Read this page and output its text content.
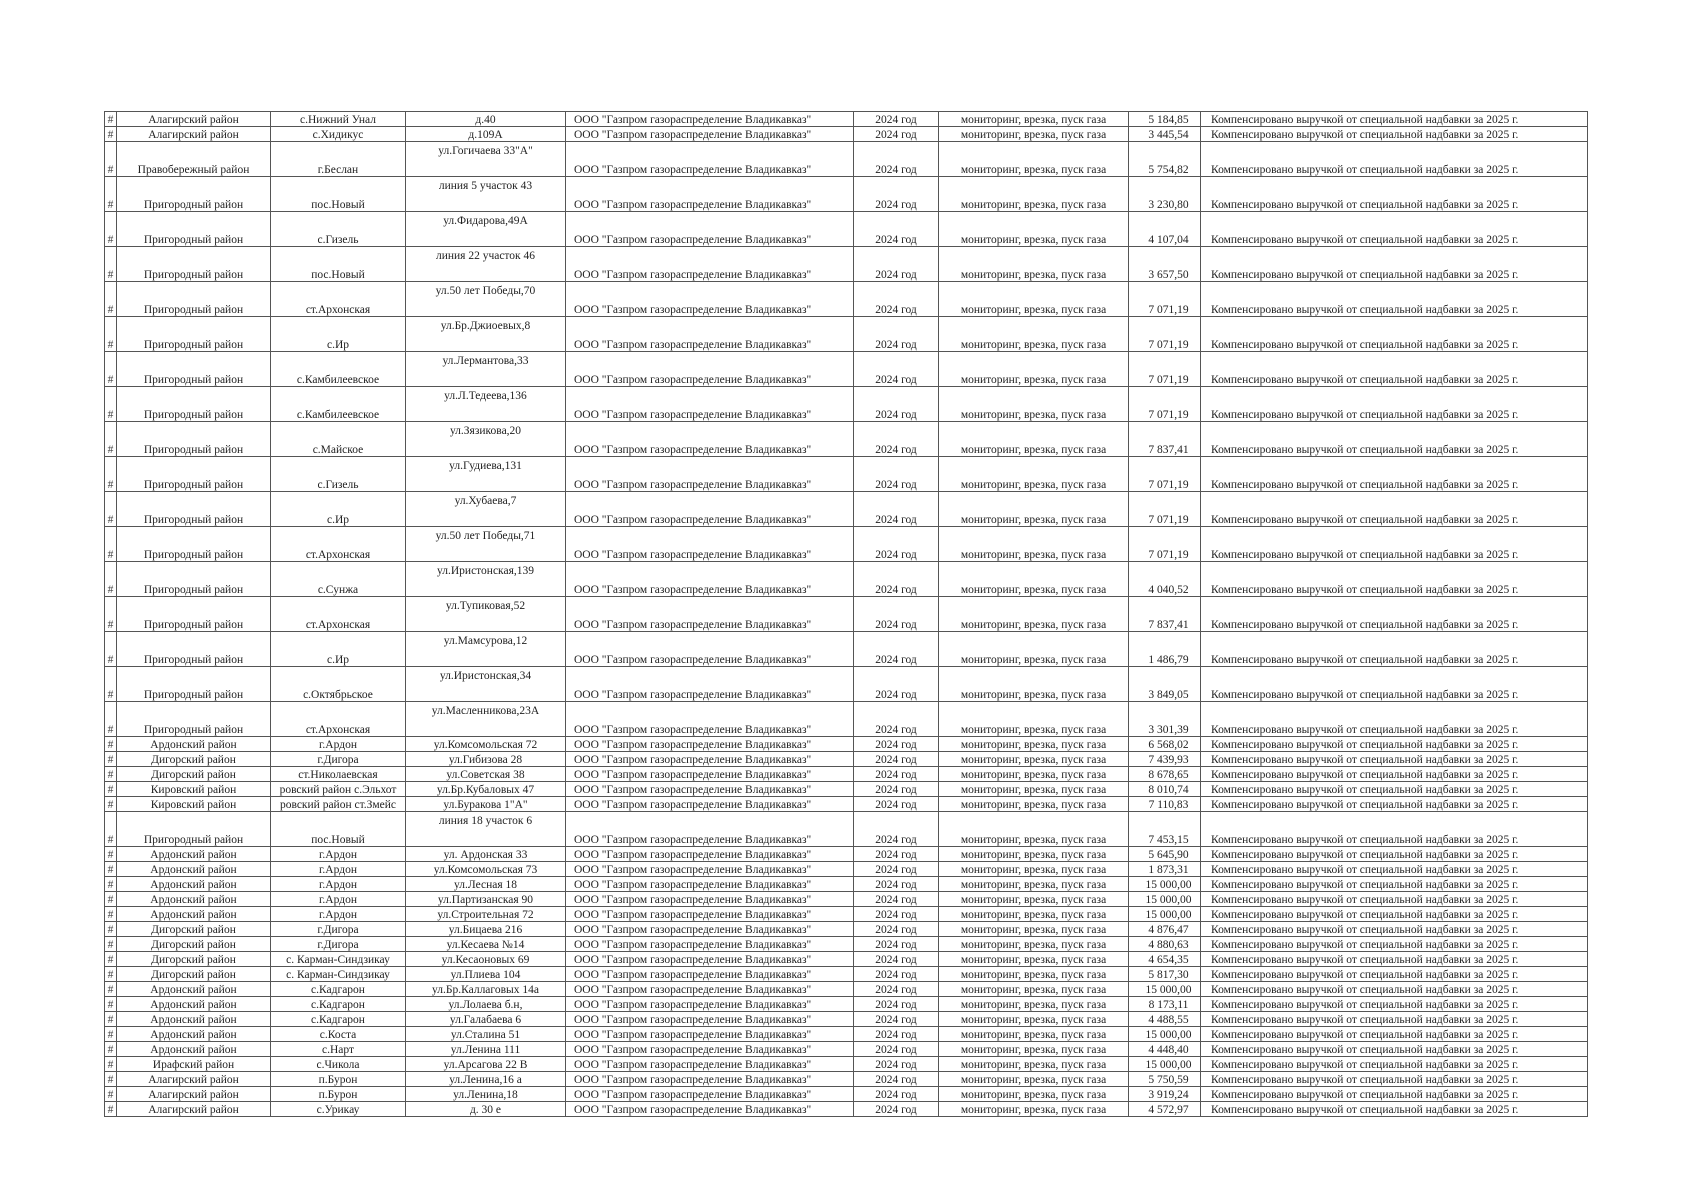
#	Алагирский район	с.Нижний Унал	д.40	ООО "Газпром газораспределение Владикавказ"	2024 год	мониторинг, врезка, пуск газа	5 184,85	Компенсировано выручкой от специальной надбавки за 2025 г.
#	Алагирский район	с.Хидикус	д.109А	ООО "Газпром газораспределение Владикавказ"	2024 год	мониторинг, врезка, пуск газа	3 445,54	Компенсировано выручкой от специальной надбавки за 2025 г.
#	Правобережный район	г.Беслан	ул.Гогичаева 33"А"	ООО "Газпром газораспределение Владикавказ"	2024 год	мониторинг, врезка, пуск газа	5 754,82	Компенсировано выручкой от специальной надбавки за 2025 г.
#	Пригородный район	пос.Новый	линия 5 участок 43	ООО "Газпром газораспределение Владикавказ"	2024 год	мониторинг, врезка, пуск газа	3 230,80	Компенсировано выручкой от специальной надбавки за 2025 г.
#	Пригородный район	с.Гизель	ул.Фидарова,49А	ООО "Газпром газораспределение Владикавказ"	2024 год	мониторинг, врезка, пуск газа	4 107,04	Компенсировано выручкой от специальной надбавки за 2025 г.
#	Пригородный район	пос.Новый	линия 22 участок 46	ООО "Газпром газораспределение Владикавказ"	2024 год	мониторинг, врезка, пуск газа	3 657,50	Компенсировано выручкой от специальной надбавки за 2025 г.
#	Пригородный район	ст.Архонская	ул.50 лет Победы,70	ООО "Газпром газораспределение Владикавказ"	2024 год	мониторинг, врезка, пуск газа	7 071,19	Компенсировано выручкой от специальной надбавки за 2025 г.
#	Пригородный район	с.Ир	ул.Бр.Джиоевых,8	ООО "Газпром газораспределение Владикавказ"	2024 год	мониторинг, врезка, пуск газа	7 071,19	Компенсировано выручкой от специальной надбавки за 2025 г.
#	Пригородный район	с.Камбилеевское	ул.Лермантова,33	ООО "Газпром газораспределение Владикавказ"	2024 год	мониторинг, врезка, пуск газа	7 071,19	Компенсировано выручкой от специальной надбавки за 2025 г.
#	Пригородный район	с.Камбилеевское	ул.Л.Тедеева,136	ООО "Газпром газораспределение Владикавказ"	2024 год	мониторинг, врезка, пуск газа	7 071,19	Компенсировано выручкой от специальной надбавки за 2025 г.
#	Пригородный район	с.Майское	ул.Зязикова,20	ООО "Газпром газораспределение Владикавказ"	2024 год	мониторинг, врезка, пуск газа	7 837,41	Компенсировано выручкой от специальной надбавки за 2025 г.
#	Пригородный район	с.Гизель	ул.Гудиева,131	ООО "Газпром газораспределение Владикавказ"	2024 год	мониторинг, врезка, пуск газа	7 071,19	Компенсировано выручкой от специальной надбавки за 2025 г.
#	Пригородный район	с.Ир	ул.Хубаева,7	ООО "Газпром газораспределение Владикавказ"	2024 год	мониторинг, врезка, пуск газа	7 071,19	Компенсировано выручкой от специальной надбавки за 2025 г.
#	Пригородный район	ст.Архонская	ул.50 лет Победы,71	ООО "Газпром газораспределение Владикавказ"	2024 год	мониторинг, врезка, пуск газа	7 071,19	Компенсировано выручкой от специальной надбавки за 2025 г.
#	Пригородный район	с.Сунжа	ул.Иристонская,139	ООО "Газпром газораспределение Владикавказ"	2024 год	мониторинг, врезка, пуск газа	4 040,52	Компенсировано выручкой от специальной надбавки за 2025 г.
#	Пригородный район	ст.Архонская	ул.Тупиковая,52	ООО "Газпром газораспределение Владикавказ"	2024 год	мониторинг, врезка, пуск газа	7 837,41	Компенсировано выручкой от специальной надбавки за 2025 г.
#	Пригородный район	с.Ир	ул.Мамсурова,12	ООО "Газпром газораспределение Владикавказ"	2024 год	мониторинг, врезка, пуск газа	1 486,79	Компенсировано выручкой от специальной надбавки за 2025 г.
#	Пригородный район	с.Октябрьское	ул.Иристонская,34	ООО "Газпром газораспределение Владикавказ"	2024 год	мониторинг, врезка, пуск газа	3 849,05	Компенсировано выручкой от специальной надбавки за 2025 г.
#	Пригородный район	ст.Архонская	ул.Масленникова,23А	ООО "Газпром газораспределение Владикавказ"	2024 год	мониторинг, врезка, пуск газа	3 301,39	Компенсировано выручкой от специальной надбавки за 2025 г.
#	Ардонский район	г.Ардон	ул.Комсомольская 72	ООО "Газпром газораспределение Владикавказ"	2024 год	мониторинг, врезка, пуск газа	6 568,02	Компенсировано выручкой от специальной надбавки за 2025 г.
#	Дигорский район	г.Дигора	ул.Гибизова 28	ООО "Газпром газораспределение Владикавказ"	2024 год	мониторинг, врезка, пуск газа	7 439,93	Компенсировано выручкой от специальной надбавки за 2025 г.
#	Дигорский район	ст.Николаевская	ул.Советская 38	ООО "Газпром газораспределение Владикавказ"	2024 год	мониторинг, врезка, пуск газа	8 678,65	Компенсировано выручкой от специальной надбавки за 2025 г.
#	Кировский район	ровский район с.Эльхот	ул.Бр.Кубаловых 47	ООО "Газпром газораспределение Владикавказ"	2024 год	мониторинг, врезка, пуск газа	8 010,74	Компенсировано выручкой от специальной надбавки за 2025 г.
#	Кировский район	ровский район ст.Змейс	ул.Буракова 1"А"	ООО "Газпром газораспределение Владикавказ"	2024 год	мониторинг, врезка, пуск газа	7 110,83	Компенсировано выручкой от специальной надбавки за 2025 г.
#	Пригородный район	пос.Новый	линия 18 участок 6	ООО "Газпром газораспределение Владикавказ"	2024 год	мониторинг, врезка, пуск газа	7 453,15	Компенсировано выручкой от специальной надбавки за 2025 г.
#	Ардонский район	г.Ардон	ул. Ардонская 33	ООО "Газпром газораспределение Владикавказ"	2024 год	мониторинг, врезка, пуск газа	5 645,90	Компенсировано выручкой от специальной надбавки за 2025 г.
#	Ардонский район	г.Ардон	ул.Комсомольская 73	ООО "Газпром газораспределение Владикавказ"	2024 год	мониторинг, врезка, пуск газа	1 873,31	Компенсировано выручкой от специальной надбавки за 2025 г.
#	Ардонский район	г.Ардон	ул.Лесная 18	ООО "Газпром газораспределение Владикавказ"	2024 год	мониторинг, врезка, пуск газа	15 000,00	Компенсировано выручкой от специальной надбавки за 2025 г.
#	Ардонский район	г.Ардон	ул.Партизанская 90	ООО "Газпром газораспределение Владикавказ"	2024 год	мониторинг, врезка, пуск газа	15 000,00	Компенсировано выручкой от специальной надбавки за 2025 г.
#	Ардонский район	г.Ардон	ул.Строительная 72	ООО "Газпром газораспределение Владикавказ"	2024 год	мониторинг, врезка, пуск газа	15 000,00	Компенсировано выручкой от специальной надбавки за 2025 г.
#	Дигорский район	г.Дигора	ул.Бицаева 216	ООО "Газпром газораспределение Владикавказ"	2024 год	мониторинг, врезка, пуск газа	4 876,47	Компенсировано выручкой от специальной надбавки за 2025 г.
#	Дигорский район	г.Дигора	ул.Кесаева №14	ООО "Газпром газораспределение Владикавказ"	2024 год	мониторинг, врезка, пуск газа	4 880,63	Компенсировано выручкой от специальной надбавки за 2025 г.
#	Дигорский район	с. Карман-Синдзикау	ул.Кесаоновых 69	ООО "Газпром газораспределение Владикавказ"	2024 год	мониторинг, врезка, пуск газа	4 654,35	Компенсировано выручкой от специальной надбавки за 2025 г.
#	Дигорский район	с. Карман-Синдзикау	ул.Плиева 104	ООО "Газпром газораспределение Владикавказ"	2024 год	мониторинг, врезка, пуск газа	5 817,30	Компенсировано выручкой от специальной надбавки за 2025 г.
#	Ардонский район	с.Кадгарон	ул.Бр.Каллаговых 14а	ООО "Газпром газораспределение Владикавказ"	2024 год	мониторинг, врезка, пуск газа	15 000,00	Компенсировано выручкой от специальной надбавки за 2025 г.
#	Ардонский район	с.Кадгарон	ул.Лолаева б.н,	ООО "Газпром газораспределение Владикавказ"	2024 год	мониторинг, врезка, пуск газа	8 173,11	Компенсировано выручкой от специальной надбавки за 2025 г.
#	Ардонский район	с.Кадгарон	ул.Галабаева 6	ООО "Газпром газораспределение Владикавказ"	2024 год	мониторинг, врезка, пуск газа	4 488,55	Компенсировано выручкой от специальной надбавки за 2025 г.
#	Ардонский район	с.Коста	ул.Сталина 51	ООО "Газпром газораспределение Владикавказ"	2024 год	мониторинг, врезка, пуск газа	15 000,00	Компенсировано выручкой от специальной надбавки за 2025 г.
#	Ардонский район	с.Нарт	ул.Ленина 111	ООО "Газпром газораспределение Владикавказ"	2024 год	мониторинг, врезка, пуск газа	4 448,40	Компенсировано выручкой от специальной надбавки за 2025 г.
#	Ирафский район	с.Чикола	ул.Арсагова 22 В	ООО "Газпром газораспределение Владикавказ"	2024 год	мониторинг, врезка, пуск газа	15 000,00	Компенсировано выручкой от специальной надбавки за 2025 г.
#	Алагирский район	п.Бурон	ул.Ленина,16 а	ООО "Газпром газораспределение Владикавказ"	2024 год	мониторинг, врезка, пуск газа	5 750,59	Компенсировано выручкой от специальной надбавки за 2025 г.
#	Алагирский район	п.Бурон	ул.Ленина,18	ООО "Газпром газораспределение Владикавказ"	2024 год	мониторинг, врезка, пуск газа	3 919,24	Компенсировано выручкой от специальной надбавки за 2025 г.
#	Алагирский район	с.Урикау	д. 30 е	ООО "Газпром газораспределение Владикавказ"	2024 год	мониторинг, врезка, пуск газа	4 572,97	Компенсировано выручкой от специальной надбавки за 2025 г.
